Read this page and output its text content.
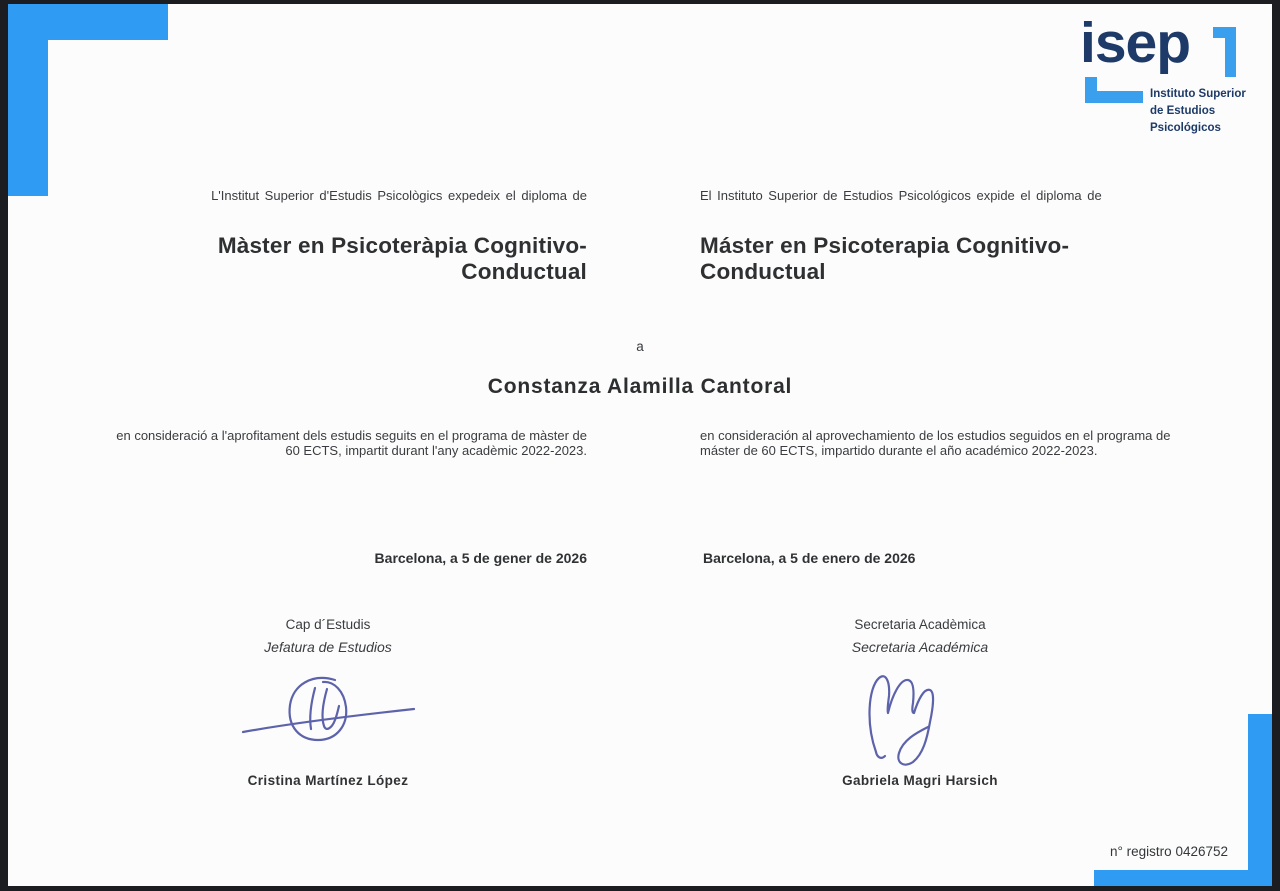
isep
Instituto Superior
de Estudios
Psicológicos
L'Institut Superior d'Estudis Psicològics expedeix el diploma de	El Instituto Superior de Estudios Psicológicos expide el diploma de
Màster en Psicoteràpia Cognitivo-
Conductual
Máster en Psicoterapia Cognitivo-
Conductual
a
Constanza Alamilla Cantoral
en consideració a l'aprofitament dels estudis seguits en el programa de màster de
60 ECTS, impartit durant l'any acadèmic 2022-2023.
en consideración al aprovechamiento de los estudios seguidos en el programa de
máster de 60 ECTS, impartido durante el año académico 2022-2023.
Barcelona, a 5 de gener de 2026	Barcelona, a 5 de enero de 2026
Cap d´Estudis
Jefatura de Estudios
Cristina Martínez López
Secretaria Acadèmica
Secretaria Académica
Gabriela Magri Harsich
n° registro 0426752
